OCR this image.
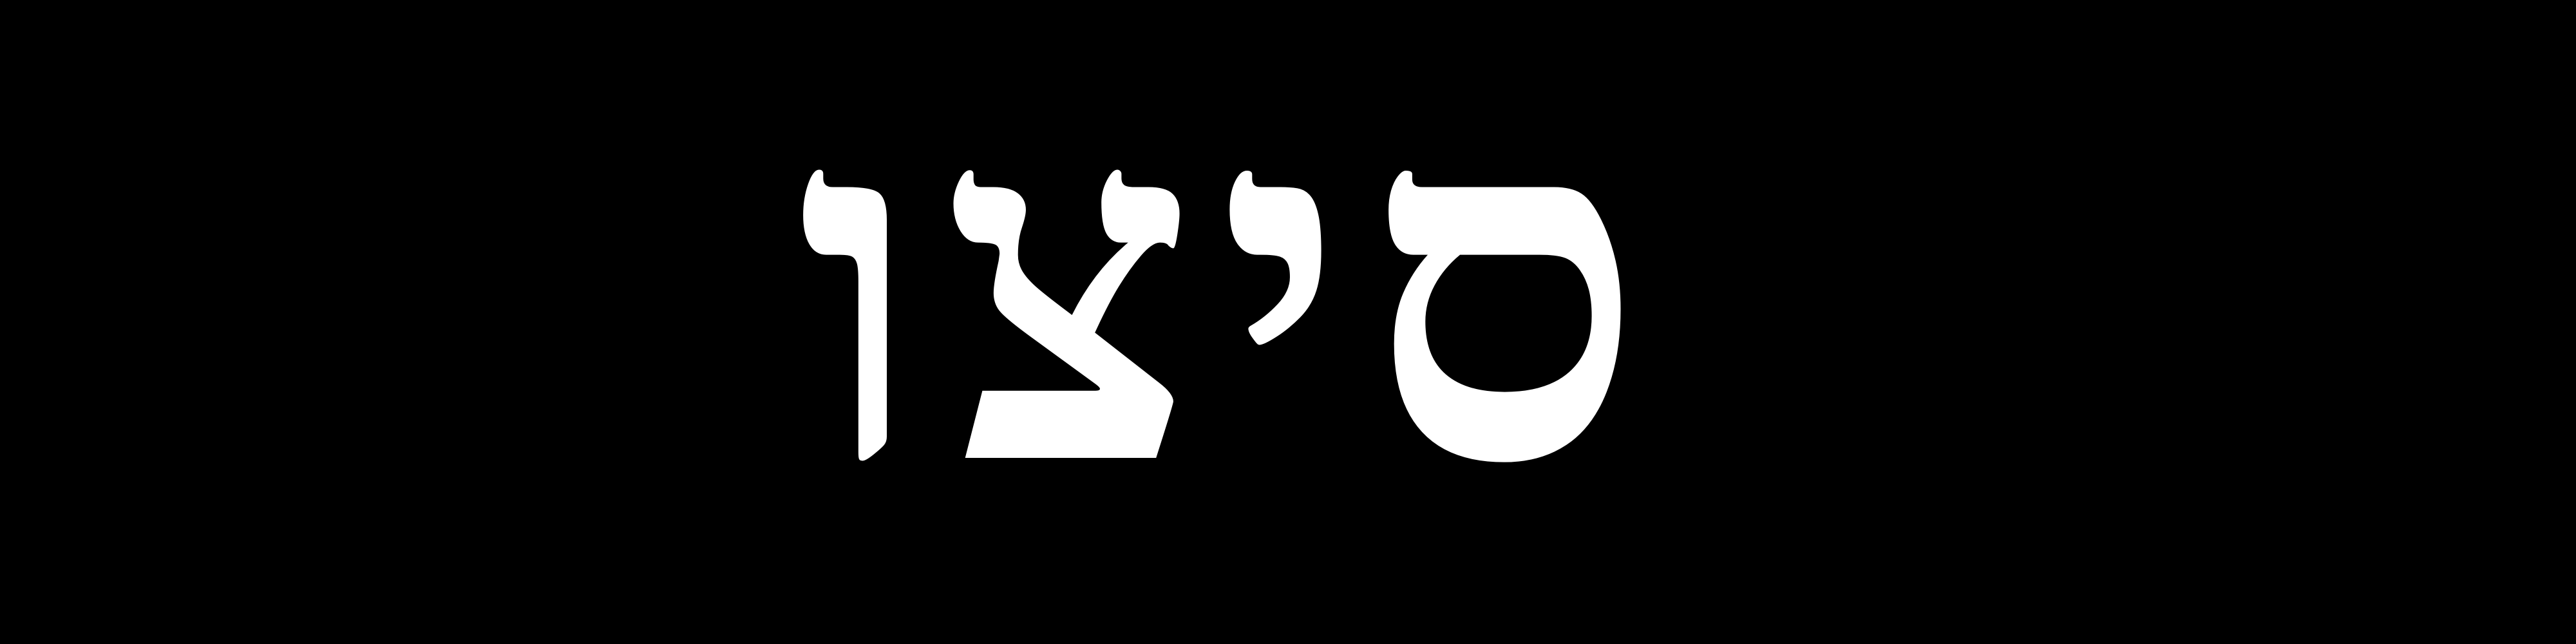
סיצו
